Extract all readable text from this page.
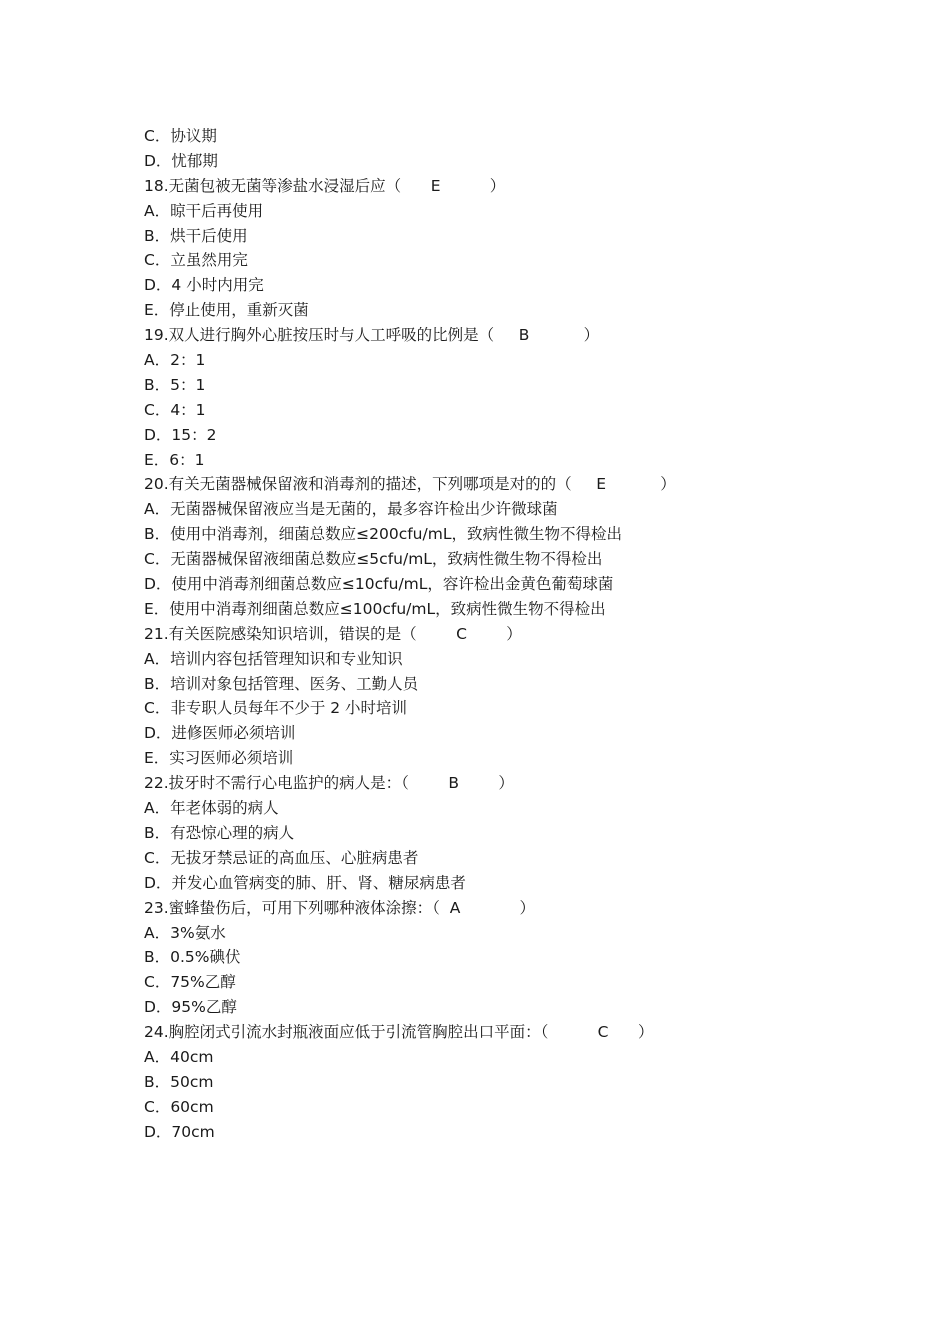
C．协议期
D．忧郁期
18.无菌包被无菌等渗盐水浸湿后应（      E          ）
A．晾干后再使用
B．烘干后使用
C．立虽然用完
D．4 小时内用完
E．停止使用，重新灭菌
19.双人进行胸外心脏按压时与人工呼吸的比例是（     B           ）
A．2：1
B．5：1
C．4：1
D．15：2
E．6：1
20.有关无菌器械保留液和消毒剂的描述，下列哪项是对的的（     E           ）
A．无菌器械保留液应当是无菌的，最多容许检出少许微球菌
B．使用中消毒剂，细菌总数应≤200cfu/mL，致病性微生物不得检出
C．无菌器械保留液细菌总数应≤5cfu/mL，致病性微生物不得检出
D．使用中消毒剂细菌总数应≤10cfu/mL，容许检出金黄色葡萄球菌
E．使用中消毒剂细菌总数应≤100cfu/mL，致病性微生物不得检出
21.有关医院感染知识培训，错误的是（        C        ）
A．培训内容包括管理知识和专业知识
B．培训对象包括管理、医务、工勤人员
C．非专职人员每年不少于 2 小时培训
D．进修医师必须培训
E．实习医师必须培训
22.拔牙时不需行心电监护的病人是：（        B        ）
A．年老体弱的病人
B．有恐惊心理的病人
C．无拔牙禁忌证的高血压、心脏病患者
D．并发心血管病变的肺、肝、肾、糖尿病患者
23.蜜蜂蛰伤后，可用下列哪种液体涂擦：（  A            ）
A．3%氨水
B．0.5%碘伏
C．75%乙醇
D．95%乙醇
24.胸腔闭式引流水封瓶液面应低于引流管胸腔出口平面：（          C      ）
A．40cm
B．50cm
C．60cm
D．70cm
